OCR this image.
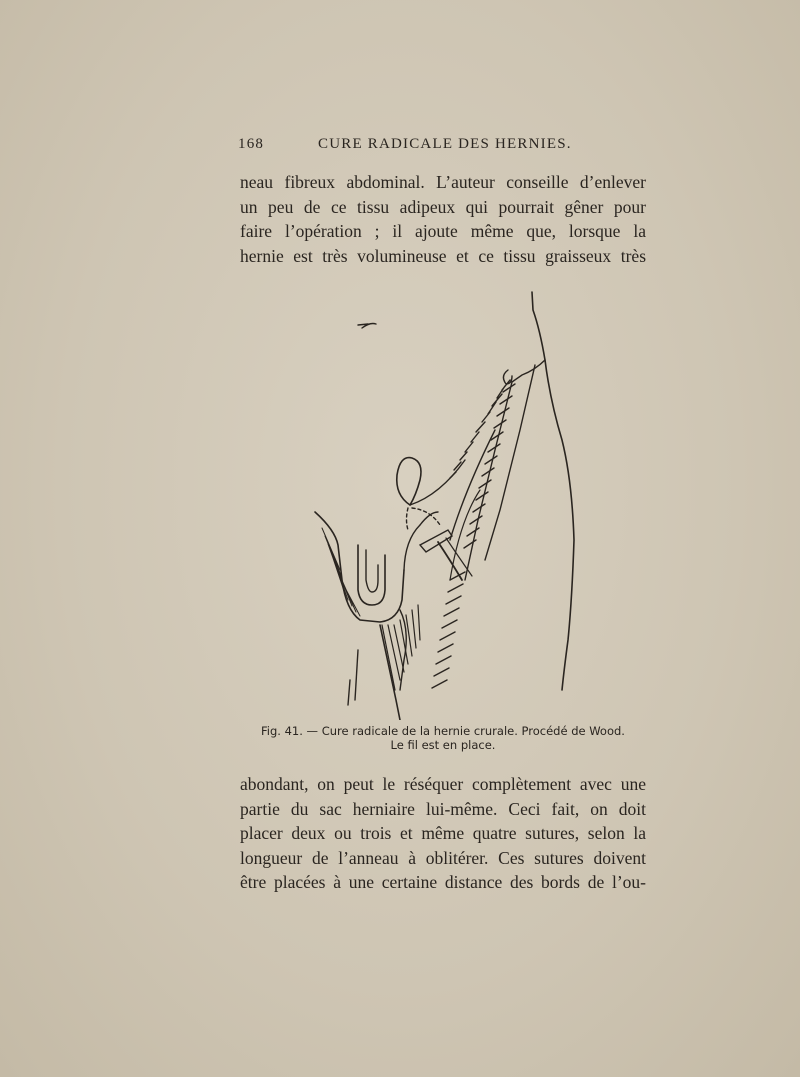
168	CURE RADICALE DES HERNIES.
neau fibreux abdominal. L’auteur conseille d’enlever
un peu de ce tissu adipeux qui pourrait gêner pour
faire l’opération ; il ajoute même que, lorsque la
hernie est très volumineuse et ce tissu graisseux très
Fig. 41. — Cure radicale de la hernie crurale. Procédé de Wood.
Le fil est en place.
abondant, on peut le réséquer complètement avec une
partie du sac herniaire lui-même. Ceci fait, on doit
placer deux ou trois et même quatre sutures, selon la
longueur de l’anneau à oblitérer. Ces sutures doivent
être placées à une certaine distance des bords de l’ou-
